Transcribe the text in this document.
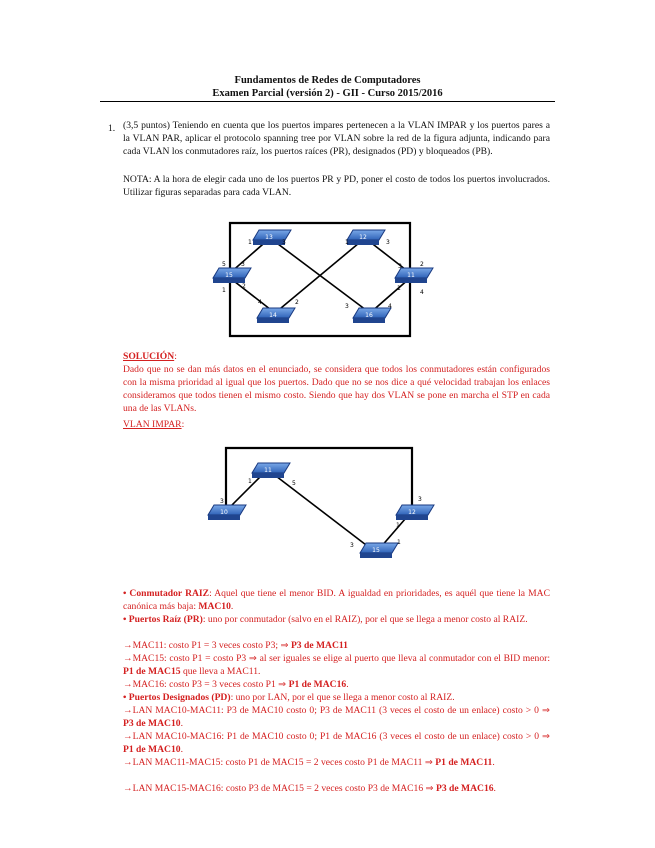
Fundamentos de Redes de Computadores
Examen Parcial (versión 2) - GII - Curso 2015/2016
1. (3,5 puntos) Teniendo en cuenta que los puertos impares pertenecen a la VLAN IMPAR y los puertos pares a la VLAN PAR, aplicar el protocolo spanning tree por VLAN sobre la red de la figura adjunta, indicando para cada VLAN los conmutadores raíz, los puertos raíces (PR), designados (PD) y bloqueados (PB).
NOTA: A la hora de elegir cada uno de los puertos PR y PD, poner el costo de todos los puertos involucrados. Utilizar figuras separadas para cada VLAN.
13	12
15	11
14	16
1	3	1	3
5
1
3	2
1
4
3
2
4	2
3	4
SOLUCIÓN:
Dado que no se dan más datos en el enunciado, se considera que todos los conmutadores están configurados con la misma prioridad al igual que los puertos. Dado que no se nos dice a qué velocidad trabajan los enlaces consideramos que todos tienen el mismo costo. Siendo que hay dos VLAN se pone en marcha el STP en cada una de las VLANs.
VLAN IMPAR:
11
10	12
15
1	5
3	3
1
3	1
• Conmutador RAIZ: Aquel que tiene el menor BID. A igualdad en prioridades, es aquél que tiene la MAC canónica más baja: MAC10.
• Puertos Raíz (PR): uno por conmutador (salvo en el RAIZ), por el que se llega a menor costo al RAIZ.
→MAC11: costo P1 = 3 veces costo P3; ⇒ P3 de MAC11
→MAC15: costo P1 = costo P3 ⇒ al ser iguales se elige al puerto que lleva al conmutador con el BID menor: P1 de MAC15 que lleva a MAC11.
→MAC16: costo P3 = 3 veces costo P1 ⇒ P1 de MAC16.
• Puertos Designados (PD): uno por LAN, por el que se llega a menor costo al RAIZ.
→LAN MAC10-MAC11: P3 de MAC10 costo 0; P3 de MAC11 (3 veces el costo de un enlace) costo > 0 ⇒ P3 de MAC10.
→LAN MAC10-MAC16: P1 de MAC10 costo 0; P1 de MAC16 (3 veces el costo de un enlace) costo > 0 ⇒ P1 de MAC10.
→LAN MAC11-MAC15: costo P1 de MAC15 = 2 veces costo P1 de MAC11 ⇒ P1 de MAC11.
→LAN MAC15-MAC16: costo P3 de MAC15 = 2 veces costo P3 de MAC16 ⇒ P3 de MAC16.
